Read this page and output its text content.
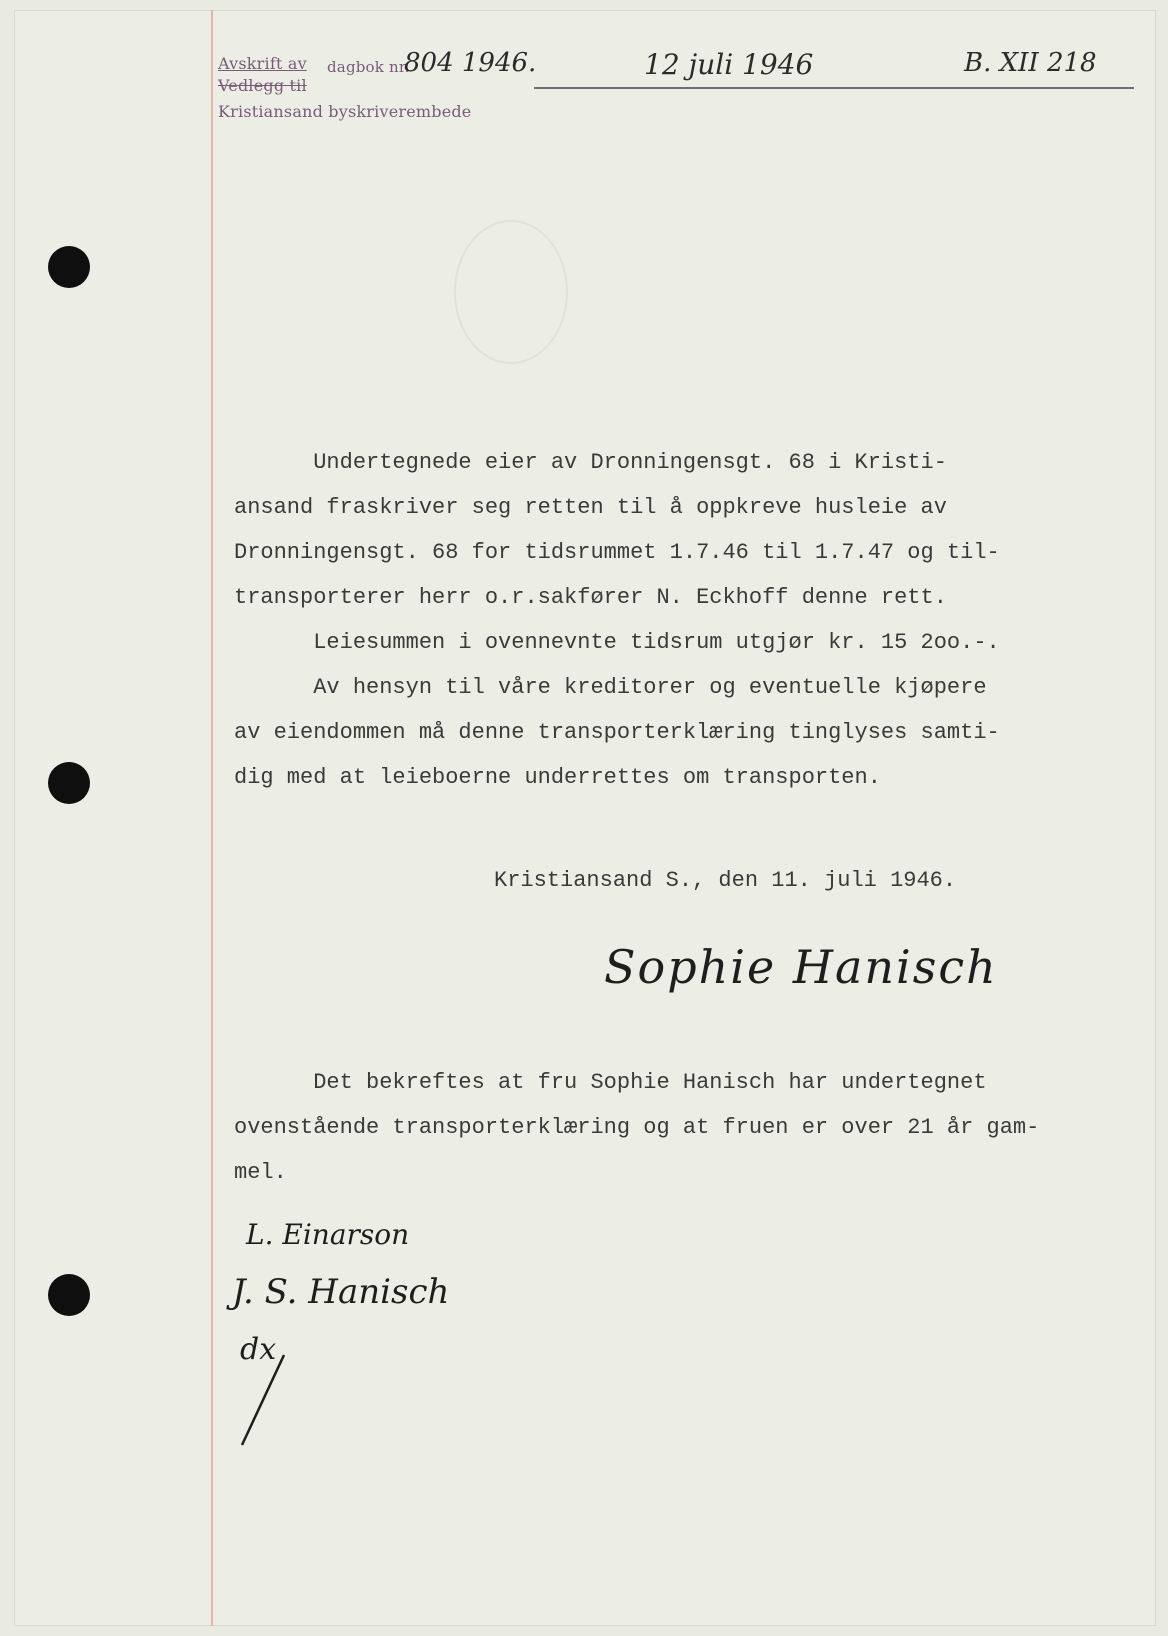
Avskrift av dagbok nr.
Vedlegg til
Kristiansand byskriverembede
804 1946.	12 juli 1946	B. XII 218
Undertegnede eier av Dronningensgt. 68 i Kristi-
ansand fraskriver seg retten til å oppkreve husleie av
Dronningensgt. 68 for tidsrummet 1.7.46 til 1.7.47 og til-
transporterer herr o.r.sakfører N. Eckhoff denne rett.
Leiesummen i ovennevnte tidsrum utgjør kr. 15 2oo.-.
Av hensyn til våre kreditorer og eventuelle kjøpere
av eiendommen må denne transporterklæring tinglyses samti-
dig med at leieboerne underrettes om transporten.
Kristiansand S., den 11. juli 1946.
Sophie Hanisch
Det bekreftes at fru Sophie Hanisch har undertegnet
ovenstående transporterklæring og at fruen er over 21 år gam-
mel.
L. Einarson
J. S. Hanisch
dx
